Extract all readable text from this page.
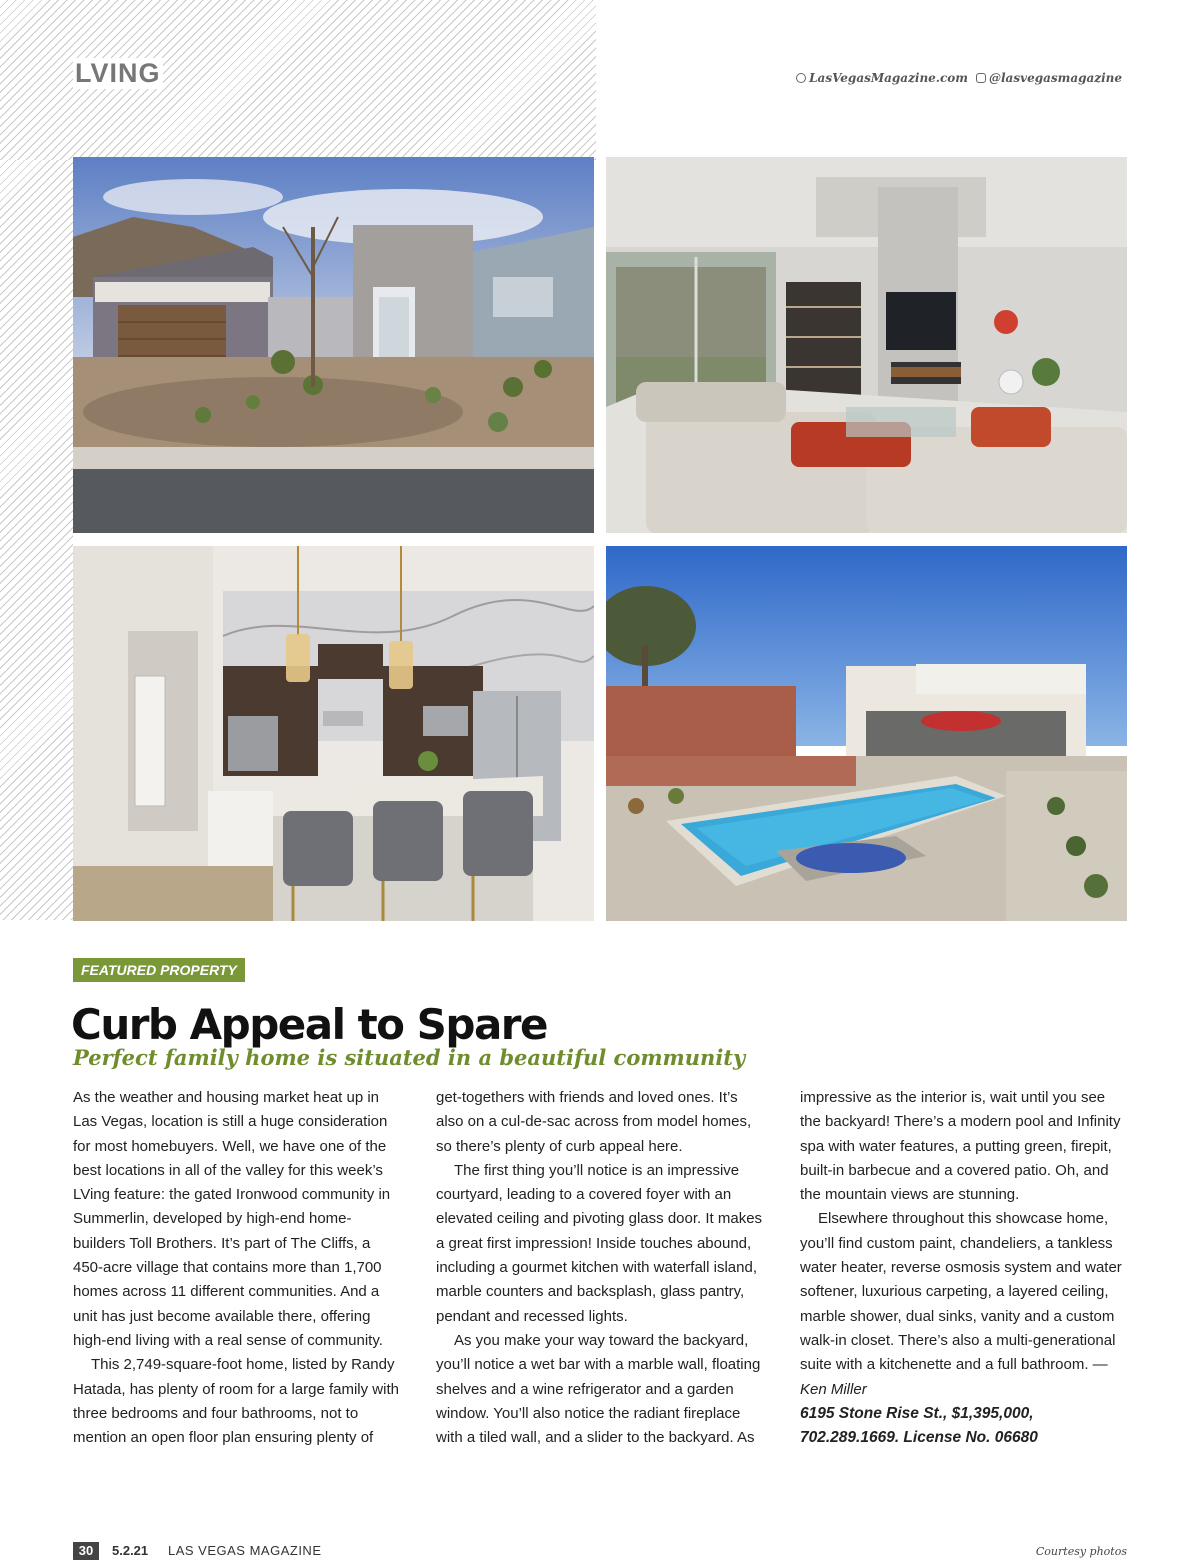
LVING	LasVegasMagazine.com	@lasvegasmagazine
FEATURED PROPERTY
Curb Appeal to Spare
Perfect family home is situated in a beautiful community

As the weather and housing market heat up in Las Vegas, location is still a huge consideration for most homebuyers. Well, we have one of the best locations in all of the valley for this week’s LVing feature: the gated Ironwood community in Summerlin, developed by high-end home-builders Toll Brothers. It’s part of The Cliffs, a 450-acre village that contains more than 1,700 homes across 11 different communities. And a unit has just become available there, offering high-end living with a real sense of community.

This 2,749-square-foot home, listed by Randy Hatada, has plenty of room for a large family with three bedrooms and four bathrooms, not to mention an open floor plan ensuring plenty of

get-togethers with friends and loved ones. It’s also on a cul-de-sac across from model homes, so there’s plenty of curb appeal here.

The first thing you’ll notice is an impressive courtyard, leading to a covered foyer with an elevated ceiling and pivoting glass door. It makes a great first impression! Inside touches abound, including a gourmet kitchen with waterfall island, marble counters and backsplash, glass pantry, pendant and recessed lights.

As you make your way toward the backyard, you’ll notice a wet bar with a marble wall, floating shelves and a wine refrigerator and a garden window. You’ll also notice the radiant fireplace with a tiled wall, and a slider to the backyard. As

impressive as the interior is, wait until you see the backyard! There’s a modern pool and Infinity spa with water features, a putting green, firepit, built-in barbecue and a covered patio. Oh, and the mountain views are stunning.

Elsewhere throughout this showcase home, you’ll find custom paint, chandeliers, a tankless water heater, reverse osmosis system and water softener, luxurious carpeting, a layered ceiling, marble shower, dual sinks, vanity and a custom walk-in closet. There’s also a multi-generational suite with a kitchenette and a full bathroom. —Ken Miller

6195 Stone Rise St., $1,395,000, 702.289.1669. License No. 06680

30	5.2.21 LAS VEGAS MAGAZINE	Courtesy photos
